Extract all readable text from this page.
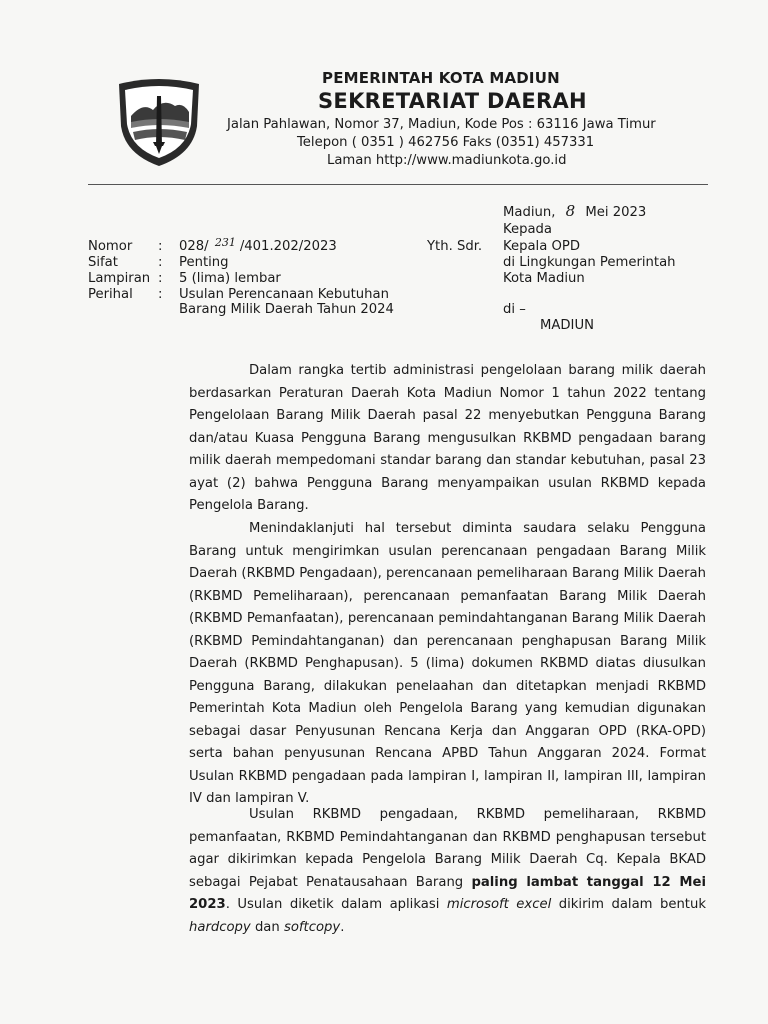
PEMERINTAH KOTA MADIUN
SEKRETARIAT DAERAH
Jalan Pahlawan, Nomor 37, Madiun, Kode Pos : 63116 Jawa Timur
Telepon ( 0351 ) 462756 Faks (0351) 457331
Laman http://www.madiunkota.go.id
Madiun, 8 Mei 2023
Kepada
Yth. Sdr. Kepala OPD
di Lingkungan Pemerintah
Kota Madiun
di –
MADIUN
Nomor : 028/ $^{231}$ /401.202/2023
Sifat	: Penting
Lampiran : 5 (lima) lembar
Perihal : Usulan Perencanaan Kebutuhan
Barang Milik Daerah Tahun 2024
Dalam rangka tertib administrasi pengelolaan barang milik daerah berdasarkan Peraturan Daerah Kota Madiun Nomor 1 tahun 2022 tentang Pengelolaan Barang Milik Daerah pasal 22 menyebutkan Pengguna Barang dan/atau Kuasa Pengguna Barang mengusulkan RKBMD pengadaan barang milik daerah mempedomani standar barang dan standar kebutuhan, pasal 23 ayat (2) bahwa Pengguna Barang menyampaikan usulan RKBMD kepada Pengelola Barang.
Menindaklanjuti hal tersebut diminta saudara selaku Pengguna Barang untuk mengirimkan usulan perencanaan pengadaan Barang Milik Daerah (RKBMD Pengadaan), perencanaan pemeliharaan Barang Milik Daerah (RKBMD Pemeliharaan), perencanaan pemanfaatan Barang Milik Daerah (RKBMD Pemanfaatan), perencanaan pemindahtanganan Barang Milik Daerah (RKBMD Pemindahtanganan) dan perencanaan penghapusan Barang Milik Daerah (RKBMD Penghapusan). 5 (lima) dokumen RKBMD diatas diusulkan Pengguna Barang, dilakukan penelaahan dan ditetapkan menjadi RKBMD Pemerintah Kota Madiun oleh Pengelola Barang yang kemudian digunakan sebagai dasar Penyusunan Rencana Kerja dan Anggaran OPD (RKA-OPD) serta bahan penyusunan Rencana APBD Tahun Anggaran 2024. Format Usulan RKBMD pengadaan pada lampiran I, lampiran II, lampiran III, lampiran IV dan lampiran V.
Usulan RKBMD pengadaan, RKBMD pemeliharaan, RKBMD pemanfaatan, RKBMD Pemindahtanganan dan RKBMD penghapusan tersebut agar dikirimkan kepada Pengelola Barang Milik Daerah Cq. Kepala BKAD sebagai Pejabat Penatausahaan Barang paling lambat tanggal 12 Mei 2023. Usulan diketik dalam aplikasi microsoft excel dikirim dalam bentuk hardcopy dan softcopy.
